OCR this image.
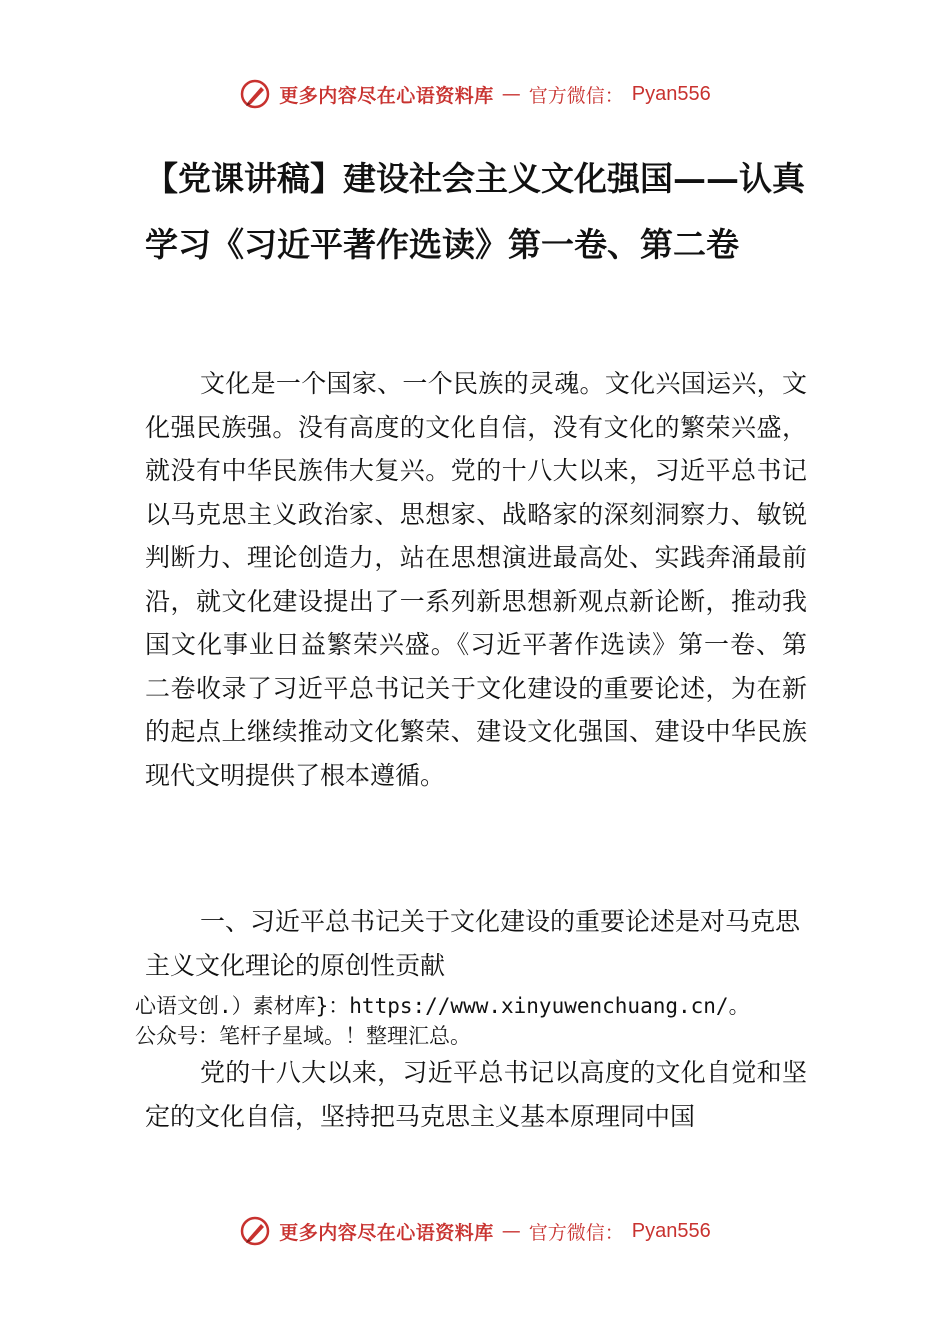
更多内容尽在心语资料库 — 官方微信： Pyan556
【党课讲稿】建设社会主义文化强国——认真学习《习近平著作选读》第一卷、第二卷

文化是一个国家、一个民族的灵魂。文化兴国运兴，文化强民族强。没有高度的文化自信，没有文化的繁荣兴盛，就没有中华民族伟大复兴。党的十八大以来，习近平总书记以马克思主义政治家、思想家、战略家的深刻洞察力、敏锐判断力、理论创造力，站在思想演进最高处、实践奔涌最前沿，就文化建设提出了一系列新思想新观点新论断，推动我国文化事业日益繁荣兴盛。《习近平著作选读》第一卷、第二卷收录了习近平总书记关于文化建设的重要论述，为在新的起点上继续推动文化繁荣、建设文化强国、建设中华民族现代文明提供了根本遵循。

一、习近平总书记关于文化建设的重要论述是对马克思主义文化理论的原创性贡献

心语文创.）素材库}：https://www.xinyuwenchuang.cn/。
公众号：笔杆子星域。！整理汇总。

党的十八大以来，习近平总书记以高度的文化自觉和坚定的文化自信，坚持把马克思主义基本原理同中国

更多内容尽在心语资料库 — 官方微信： Pyan556
